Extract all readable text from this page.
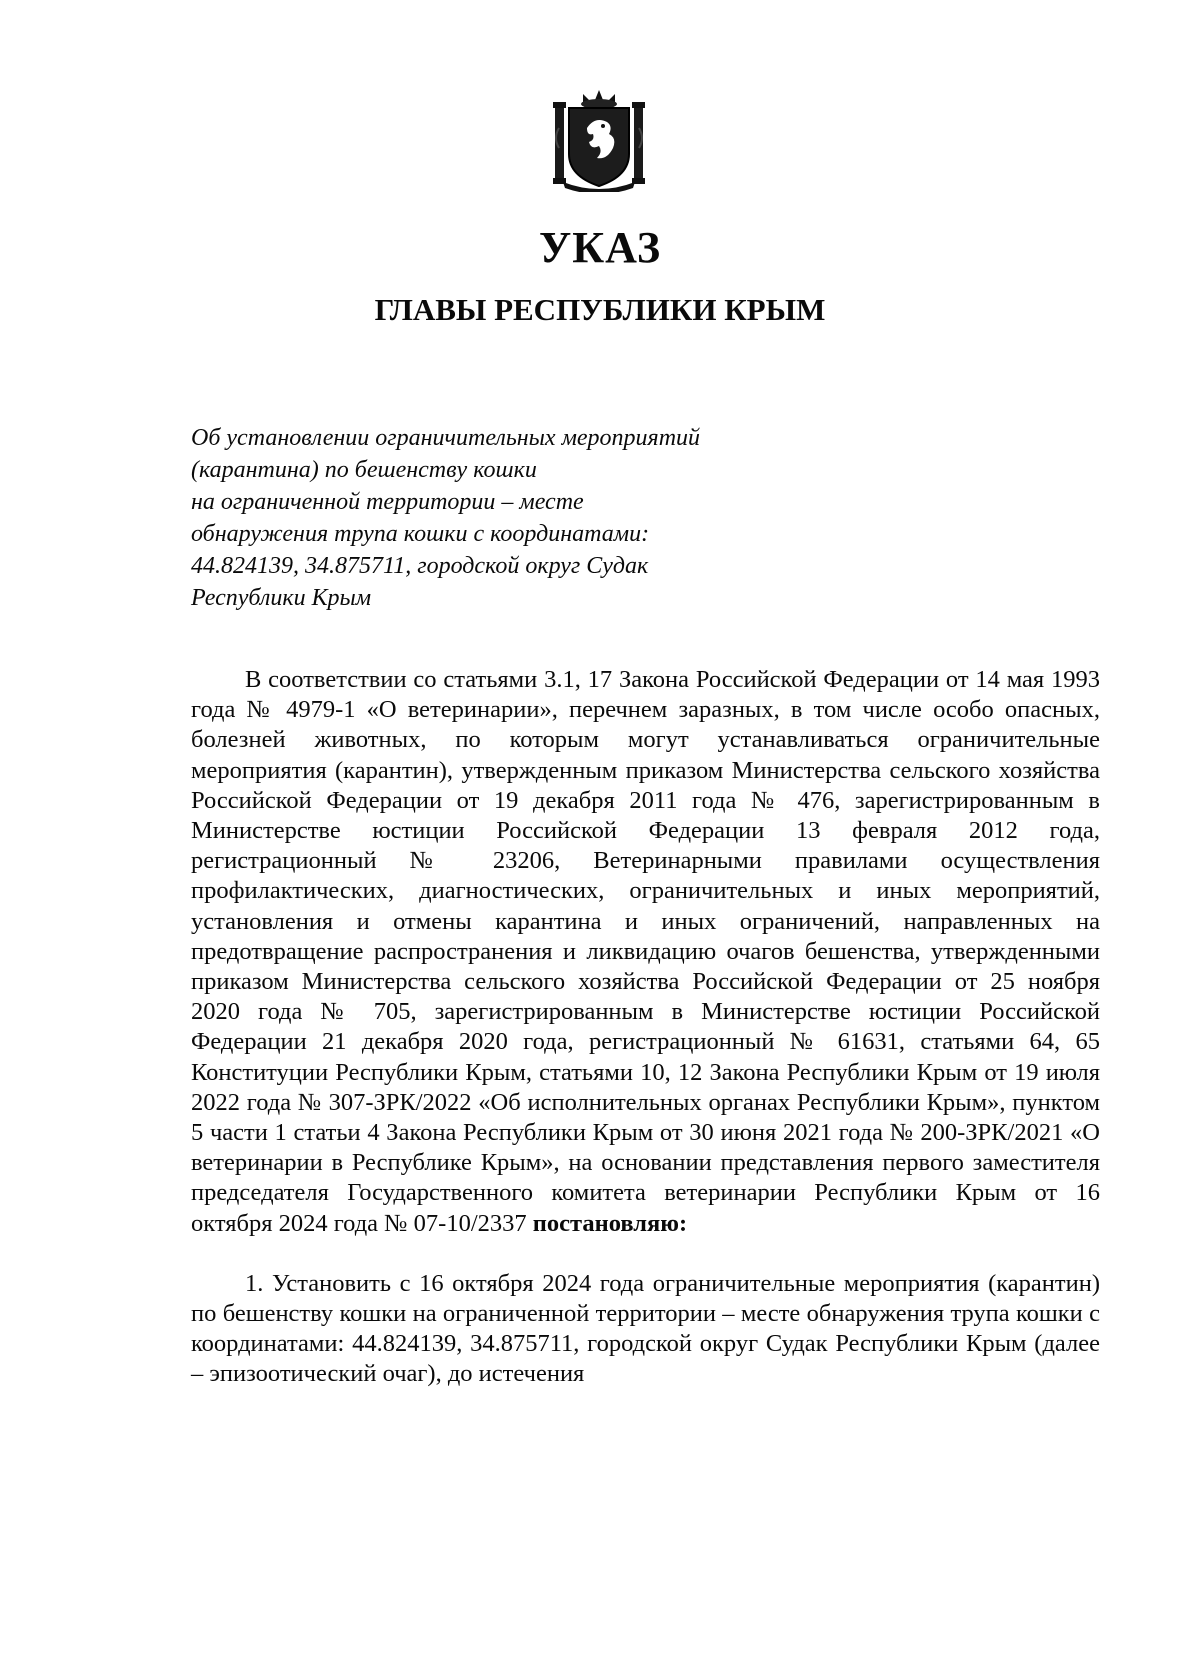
УКАЗ
ГЛАВЫ РЕСПУБЛИКИ КРЫМ
Об установлении ограничительных мероприятий
(карантина) по бешенству кошки
на ограниченной территории – месте
обнаружения трупа кошки с координатами:
44.824139, 34.875711, городской округ Судак
Республики Крым

В соответствии со статьями 3.1, 17 Закона Российской Федерации от 14 мая 1993 года № 4979-1 «О ветеринарии», перечнем заразных, в том числе особо опасных, болезней животных, по которым могут устанавливаться ограничительные мероприятия (карантин), утвержденным приказом Министерства сельского хозяйства Российской Федерации от 19 декабря 2011 года № 476, зарегистрированным в Министерстве юстиции Российской Федерации 13 февраля 2012 года, регистрационный № 23206, Ветеринарными правилами осуществления профилактических, диагностических, ограничительных и иных мероприятий, установления и отмены карантина и иных ограничений, направленных на предотвращение распространения и ликвидацию очагов бешенства, утвержденными приказом Министерства сельского хозяйства Российской Федерации от 25 ноября 2020 года № 705, зарегистрированным в Министерстве юстиции Российской Федерации 21 декабря 2020 года, регистрационный № 61631, статьями 64, 65 Конституции Республики Крым, статьями 10, 12 Закона Республики Крым от 19 июля 2022 года № 307-ЗРК/2022 «Об исполнительных органах Республики Крым», пунктом 5 части 1 статьи 4 Закона Республики Крым от 30 июня 2021 года № 200-ЗРК/2021 «О ветеринарии в Республике Крым», на основании представления первого заместителя председателя Государственного комитета ветеринарии Республики Крым от 16 октября 2024 года № 07-10/2337 постановляю:

1. Установить с 16 октября 2024 года ограничительные мероприятия (карантин) по бешенству кошки на ограниченной территории – месте обнаружения трупа кошки с координатами: 44.824139, 34.875711, городской округ Судак Республики Крым (далее – эпизоотический очаг), до истечения
